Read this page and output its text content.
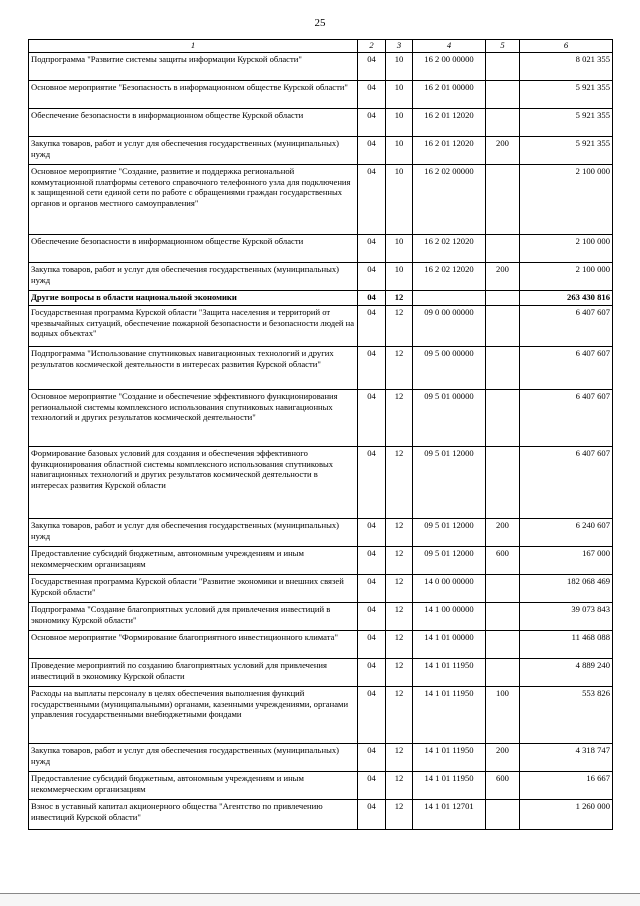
25
1	2	3	4	5	6
Подпрограмма "Развитие системы защиты информации Курской области"	04	10	16 2 00 00000		8 021 355
Основное мероприятие "Безопасность в информационном обществе Курской области"	04	10	16 2 01 00000		5 921 355
Обеспечение безопасности в информационном обществе Курской области	04	10	16 2 01 12020		5 921 355
Закупка товаров, работ и услуг для обеспечения государственных (муниципальных) нужд	04	10	16 2 01 12020	200	5 921 355
Основное мероприятие "Создание, развитие и поддержка региональной коммутационной платформы сетевого справочного телефонного узла для подключения к защищенной сети единой сети по работе с обращениями граждан государственных органов и органов местного самоуправления"	04	10	16 2 02 00000		2 100 000
Обеспечение безопасности в информационном обществе Курской области	04	10	16 2 02 12020		2 100 000
Закупка товаров, работ и услуг для обеспечения государственных (муниципальных) нужд	04	10	16 2 02 12020	200	2 100 000
Другие вопросы в области национальной экономики	04	12			263 430 816
Государственная программа Курской области "Защита населения и территорий от чрезвычайных ситуаций, обеспечение пожарной безопасности и безопасности людей на водных объектах"	04	12	09 0 00 00000		6 407 607
Подпрограмма "Использование спутниковых навигационных технологий и других результатов космической деятельности в интересах развития Курской области"	04	12	09 5 00 00000		6 407 607
Основное мероприятие "Создание и обеспечение эффективного функционирования региональной системы комплексного использования спутниковых навигационных технологий и других результатов космической деятельности"	04	12	09 5 01 00000		6 407 607
Формирование базовых условий для создания и обеспечения эффективного функционирования областной системы комплексного использования спутниковых навигационных технологий и других результатов космической деятельности в интересах развития Курской области	04	12	09 5 01 12000		6 407 607
Закупка товаров, работ и услуг для обеспечения государственных (муниципальных) нужд	04	12	09 5 01 12000	200	6 240 607
Предоставление субсидий бюджетным, автономным учреждениям и иным некоммерческим организациям	04	12	09 5 01 12000	600	167 000
Государственная программа Курской области "Развитие экономики и внешних связей Курской области"	04	12	14 0 00 00000		182 068 469
Подпрограмма "Создание благоприятных условий для привлечения инвестиций в экономику Курской области"	04	12	14 1 00 00000		39 073 843
Основное мероприятие "Формирование благоприятного инвестиционного климата"	04	12	14 1 01 00000		11 468 088
Проведение мероприятий по созданию благоприятных условий для привлечения инвестиций в экономику Курской области	04	12	14 1 01 11950		4 889 240
Расходы на выплаты персоналу в целях обеспечения выполнения функций государственными (муниципальными) органами, казенными учреждениями, органами управления государственными внебюджетными фондами	04	12	14 1 01 11950	100	553 826
Закупка товаров, работ и услуг для обеспечения государственных (муниципальных) нужд	04	12	14 1 01 11950	200	4 318 747
Предоставление субсидий бюджетным, автономным учреждениям и иным некоммерческим организациям	04	12	14 1 01 11950	600	16 667
Взнос в уставный капитал акционерного общества "Агентство по привлечению инвестиций Курской области"	04	12	14 1 01 12701		1 260 000
